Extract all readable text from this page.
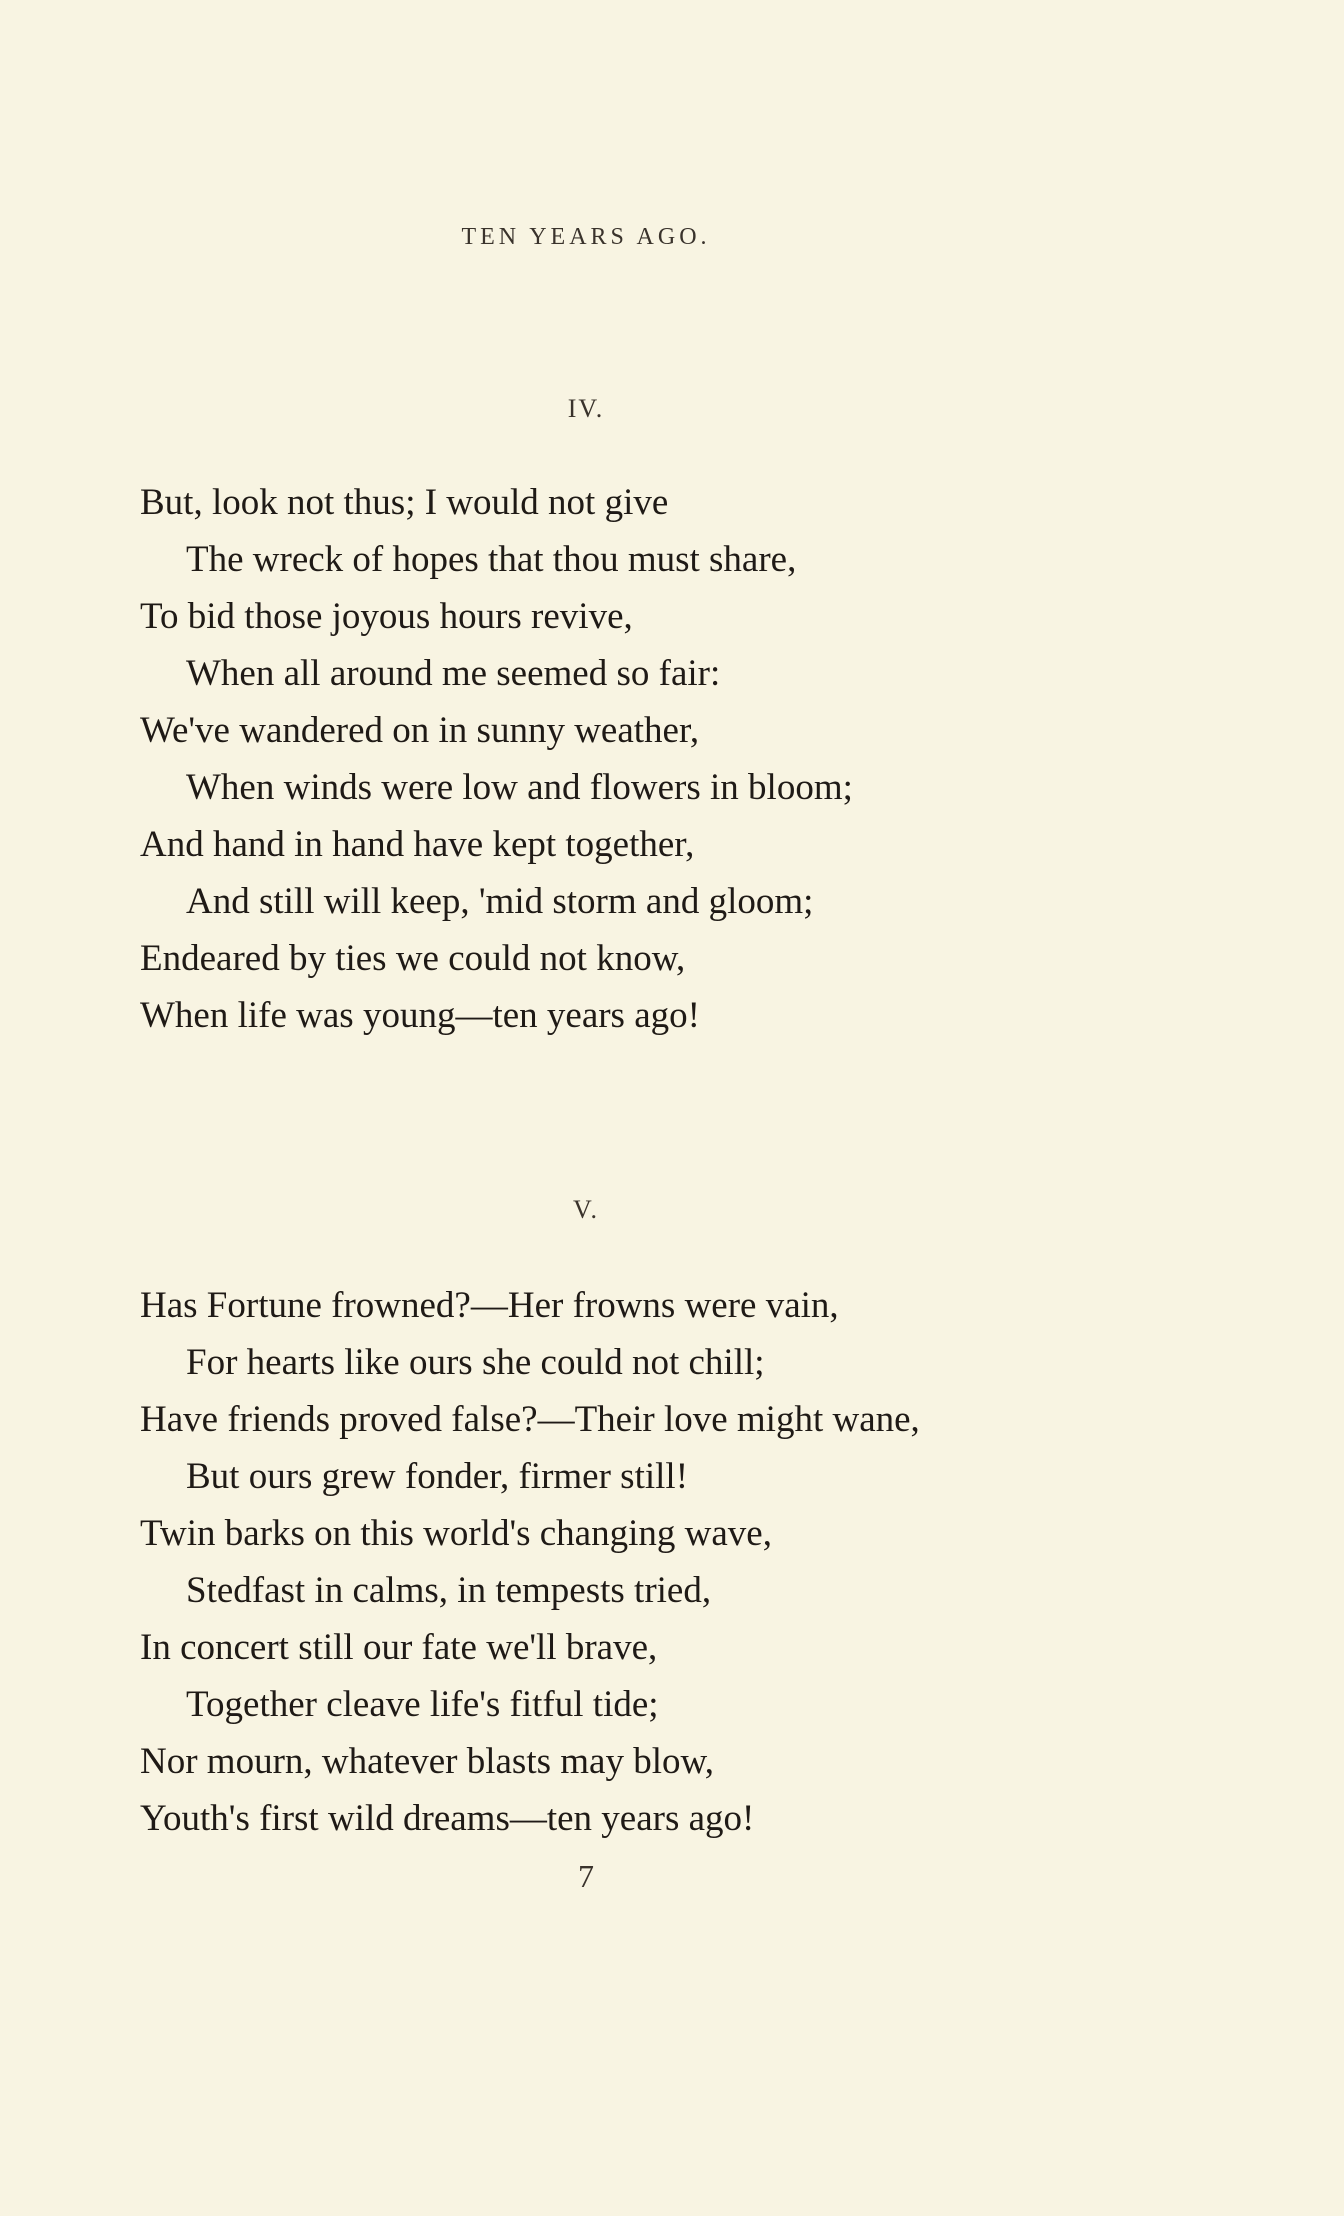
TEN YEARS AGO.
IV.
But, look not thus; I would not give
The wreck of hopes that thou must share,
To bid those joyous hours revive,
When all around me seemed so fair:
We've wandered on in sunny weather,
When winds were low and flowers in bloom;
And hand in hand have kept together,
And still will keep, 'mid storm and gloom;
Endeared by ties we could not know,
When life was young—ten years ago!
V.
Has Fortune frowned?—Her frowns were vain,
For hearts like ours she could not chill;
Have friends proved false?—Their love might wane,
But ours grew fonder, firmer still!
Twin barks on this world's changing wave,
Stedfast in calms, in tempests tried,
In concert still our fate we'll brave,
Together cleave life's fitful tide;
Nor mourn, whatever blasts may blow,
Youth's first wild dreams—ten years ago!
7
